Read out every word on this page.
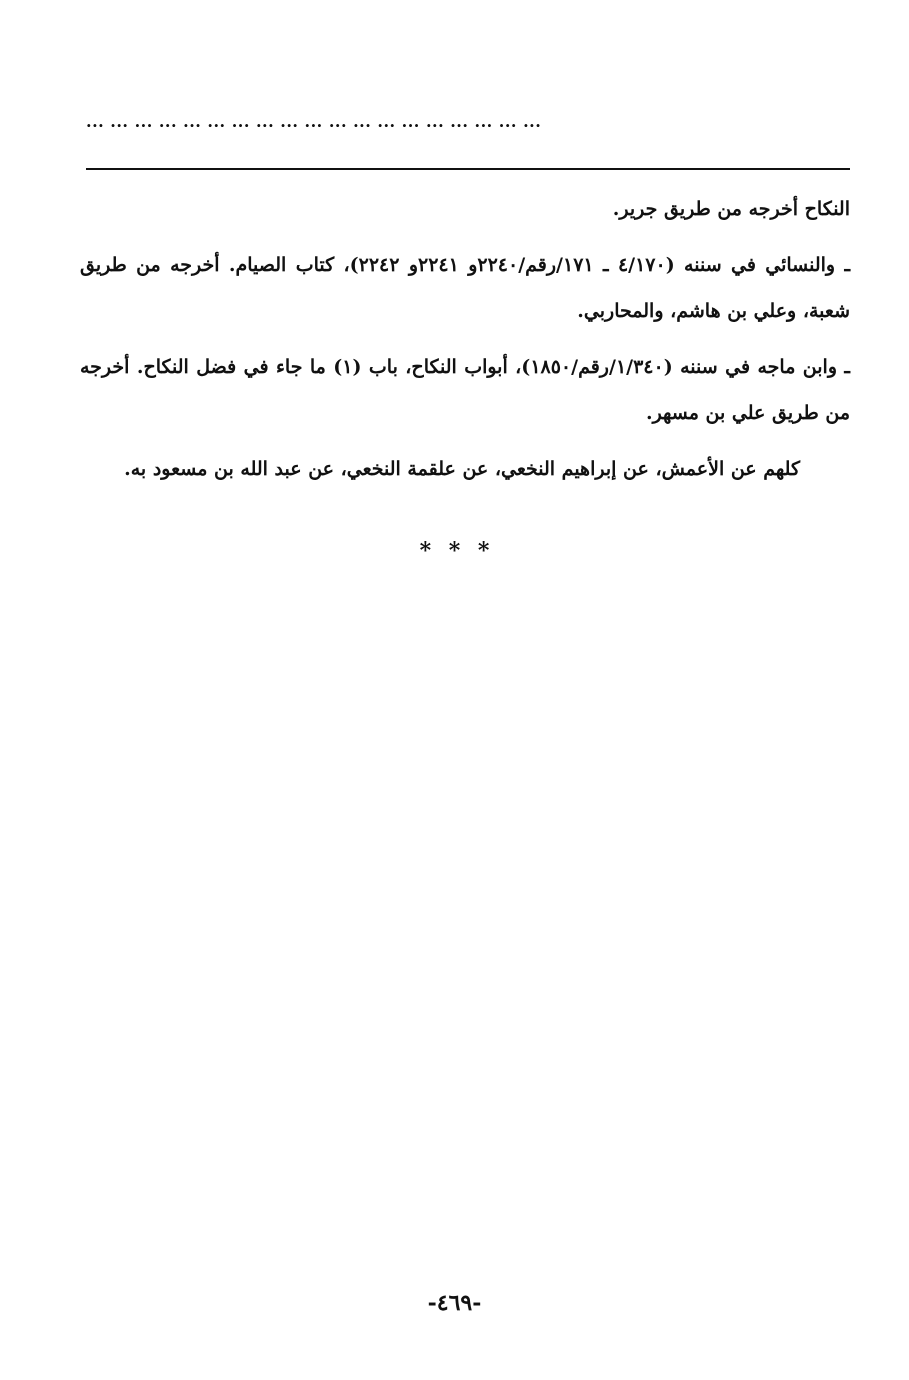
... ... ... ... ... ... ... ... ... ... ... ... ... ... ... ... ... ... ...

النكاح أخرجه من طريق جرير.

ـ والنسائي في سننه (٤/١٧٠ ـ ١٧١/رقم/٢٢٤٠و ٢٢٤١و ٢٢٤٢)، كتاب الصيام. أخرجه من طريق شعبة، وعلي بن هاشم، والمحاربي.

ـ وابن ماجه في سننه (١/٣٤٠/رقم/١٨٥٠)، أبواب النكاح، باب (١) ما جاء في فضل النكاح. أخرجه من طريق علي بن مسهر.

كلهم عن الأعمش، عن إبراهيم النخعي، عن علقمة النخعي، عن عبد الله بن مسعود به.

* * *
-٤٦٩-
